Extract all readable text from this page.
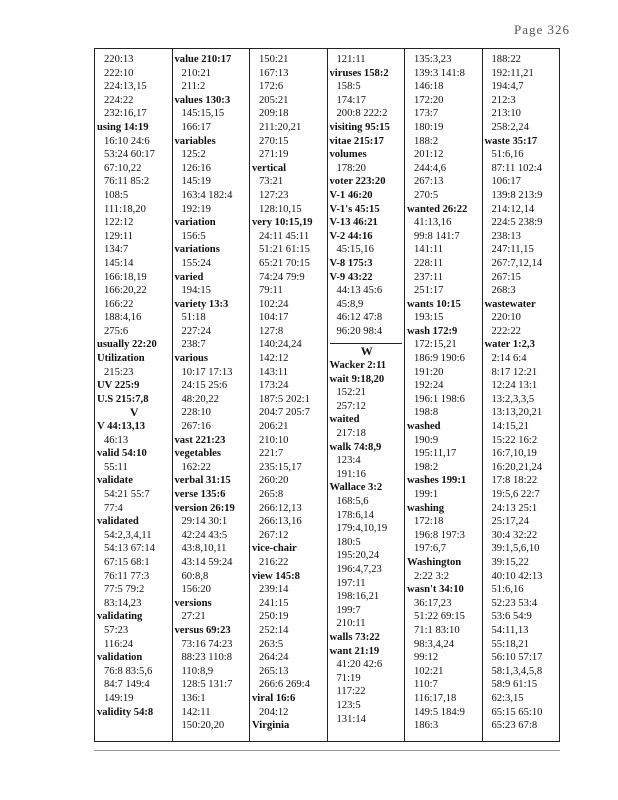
Page 326
220:13
222:10
224:13,15
224:22
232:16,17
using 14:19
16:10 24:6
53:24 60:17
67:10,22
76:11 85:2
108:5
111:18,20
122:12
129:11
134:7
145:14
166:18,19
166:20,22
166:22
188:4,16
275:6
usually 22:20
Utilization
215:23
UV 225:9
U.S 215:7,8
V
V 44:13,13
46:13
valid 54:10
55:11
validate
54:21 55:7
77:4
validated
54:2,3,4,11
54:13 67:14
67:15 68:1
76:11 77:3
77:5 79:2
83:14,23
validating
57:23
116:24
validation
76:8 83:5,6
84:7 149:4
149:19
validity 54:8
value 210:17
210:21
211:2
values 130:3
145:15,15
166:17
variables
125:2
126:16
145:19
163:4 182:4
192:19
variation
156:5
variations
155:24
varied
194:15
variety 13:3
51:18
227:24
238:7
various
10:17 17:13
24:15 25:6
48:20,22
228:10
267:16
vast 221:23
vegetables
162:22
verbal 31:15
verse 135:6
version 26:19
29:14 30:1
42:24 43:5
43:8,10,11
43:14 59:24
60:8,8
156:20
versions
27:21
versus 69:23
73:16 74:23
88:23 110:8
110:8,9
128:5 131:7
136:1
142:11
150:20,20
150:21
167:13
172:6
205:21
209:18
211:20,21
270:15
271:19
vertical
73:21
127:23
128:10,15
very 10:15,19
24:11 45:11
51:21 61:15
65:21 70:15
74:24 79:9
79:11
102:24
104:17
127:8
140:24,24
142:12
143:11
173:24
187:5 202:1
204:7 205:7
206:21
210:10
221:7
235:15,17
260:20
265:8
266:12,13
266:13,16
267:12
vice-chair
216:22
view 145:8
239:14
241:15
250:19
252:14
263:5
264:24
265:13
266:6 269:4
viral 16:6
204:12
Virginia
121:11
viruses 158:2
158:5
174:17
200:8 222:2
visiting 95:15
vitae 215:17
volumes
178:20
voter 223:20
V-1 46:20
V-1's 45:15
V-13 46:21
V-2 44:16
45:15,16
V-8 175:3
V-9 43:22
44:13 45:6
45:8,9
46:12 47:8
96:20 98:4
W
Wacker 2:11
wait 9:18,20
152:21
257:12
waited
217:18
walk 74:8,9
123:4
191:16
Wallace 3:2
168:5,6
178:6,14
179:4,10,19
180:5
195:20,24
196:4,7,23
197:11
198:16,21
199:7
210:11
walls 73:22
want 21:19
41:20 42:6
71:19
117:22
123:5
131:14
135:3,23
139:3 141:8
146:18
172:20
173:7
180:19
188:2
201:12
244:4,6
267:13
270:5
wanted 26:22
41:13,16
99:8 141:7
141:11
228:11
237:11
251:17
wants 10:15
193:15
wash 172:9
172:15,21
186:9 190:6
191:20
192:24
196:1 198:6
198:8
washed
190:9
195:11,17
198:2
washes 199:1
199:1
washing
172:18
196:8 197:3
197:6,7
Washington
2:22 3:2
wasn't 34:10
36:17,23
51:22 69:15
71:1 83:10
98:3,4,24
99:12
102:21
110:7
116:17,18
149:5 184:9
186:3
188:22
192:11,21
194:4,7
212:3
213:10
258:2,24
waste 35:17
51:6,16
87:11 102:4
106:17
139:8 213:9
214:12,14
224:5 238:9
238:13
247:11,15
267:7,12,14
267:15
268:3
wastewater
220:10
222:22
water 1:2,3
2:14 6:4
8:17 12:21
12:24 13:1
13:2,3,3,5
13:13,20,21
14:15,21
15:22 16:2
16:7,10,19
16:20,21,24
17:8 18:22
19:5,6 22:7
24:13 25:1
25:17,24
30:4 32:22
39:1,5,6,10
39:15,22
40:10 42:13
51:6,16
52:23 53:4
53:6 54:9
54:11,13
55:18,21
56:10 57:17
58:1,3,4,5,8
58:9 61:15
62:3,15
65:15 65:10
65:23 67:8
